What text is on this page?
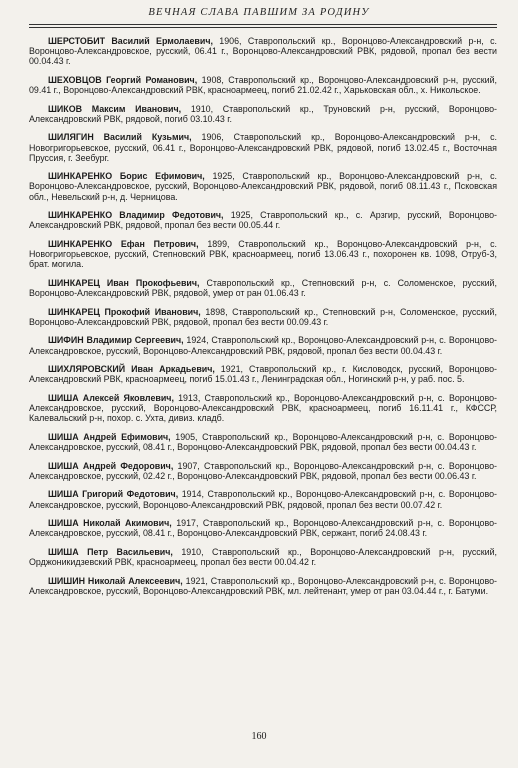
ВЕЧНАЯ СЛАВА ПАВШИМ ЗА РОДИНУ

ШЕРСТОБИТ Василий Ермолаевич, 1906, Ставропольский кр., Воронцово-Александровский р-н, с. Воронцово-Александровское, русский, 06.41 г., Воронцово-Александровский РВК, рядовой, пропал без вести 00.04.43 г.

ШЕХОВЦОВ Георгий Романович, 1908, Ставропольский кр., Воронцово-Александровский р-н, русский, 09.41 г., Воронцово-Александровский РВК, красноармеец, погиб 21.02.42 г., Харьковская обл., х. Никольское.

ШИКОВ Максим Иванович, 1910, Ставропольский кр., Труновский р-н, русский, Воронцово-Александровский РВК, рядовой, погиб 03.10.43 г.

ШИЛЯГИН Василий Кузьмич, 1906, Ставропольский кр., Воронцово-Александровский р-н, с. Новогригорьевское, русский, 06.41 г., Воронцово-Александровский РВК, рядовой, погиб 13.02.45 г., Восточная Пруссия, г. Зеебург.

ШИНКАРЕНКО Борис Ефимович, 1925, Ставропольский кр., Воронцово-Александровский р-н, с. Воронцово-Александровское, русский, Воронцово-Александровский РВК, рядовой, погиб 08.11.43 г., Псковская обл., Невельский р-н, д. Черницова.

ШИНКАРЕНКО Владимир Федотович, 1925, Ставропольский кр., с. Арзгир, русский, Воронцово-Александровский РВК, рядовой, пропал без вести 00.05.44 г.

ШИНКАРЕНКО Ефан Петрович, 1899, Ставропольский кр., Воронцово-Александровский р-н, с. Новогригорьевское, русский, Степновский РВК, красноармеец, погиб 13.06.43 г., похоронен кв. 1098, Отруб-3, брат. могила.

ШИНКАРЕЦ Иван Прокофьевич, Ставропольский кр., Степновский р-н, с. Соломенское, русский, Воронцово-Александровский РВК, рядовой, умер от ран 01.06.43 г.

ШИНКАРЕЦ Прокофий Иванович, 1898, Ставропольский кр., Степновский р-н, Соломенское, русский, Воронцово-Александровский РВК, рядовой, пропал без вести 00.09.43 г.

ШИФИН Владимир Сергеевич, 1924, Ставропольский кр., Воронцово-Александровский р-н, с. Воронцово-Александровское, русский, Воронцово-Александровский РВК, рядовой, пропал без вести 00.04.43 г.

ШИХЛЯРОВСКИЙ Иван Аркадьевич, 1921, Ставропольский кр., г. Кисловодск, русский, Воронцово-Александровский РВК, красноармеец, погиб 15.01.43 г., Ленинградская обл., Ногинский р-н, у раб. пос. 5.

ШИША Алексей Яковлевич, 1913, Ставропольский кр., Воронцово-Александровский р-н, с. Воронцово-Александровское, русский, Воронцово-Александровский РВК, красноармеец, погиб 16.11.41 г., КФССР, Калевальский р-н, похор. с. Ухта, дивиз. кладб.

ШИША Андрей Ефимович, 1905, Ставропольский кр., Воронцово-Александровский р-н, с. Воронцово-Александровское, русский, 08.41 г., Воронцово-Александровский РВК, рядовой, пропал без вести 00.04.43 г.

ШИША Андрей Федорович, 1907, Ставропольский кр., Воронцово-Александровский р-н, с. Воронцово-Александровское, русский, 02.42 г., Воронцово-Александровский РВК, рядовой, пропал без вести 00.06.43 г.

ШИША Григорий Федотович, 1914, Ставропольский кр., Воронцово-Александровский р-н, с. Воронцово-Александровское, русский, Воронцово-Александровский РВК, рядовой, пропал без вести 00.07.42 г.

ШИША Николай Акимович, 1917, Ставропольский кр., Воронцово-Александровский р-н, с. Воронцово-Александровское, русский, 08.41 г., Воронцово-Александровский РВК, сержант, погиб 24.08.43 г.

ШИША Петр Васильевич, 1910, Ставропольский кр., Воронцово-Александровский р-н, русский, Орджоникидзевский РВК, красноармеец, пропал без вести 00.04.42 г.

ШИШИН Николай Алексеевич, 1921, Ставропольский кр., Воронцово-Александровский р-н, с. Воронцово-Александровское, русский, Воронцово-Александровский РВК, мл. лейтенант, умер от ран 03.04.44 г., г. Батуми.

160
